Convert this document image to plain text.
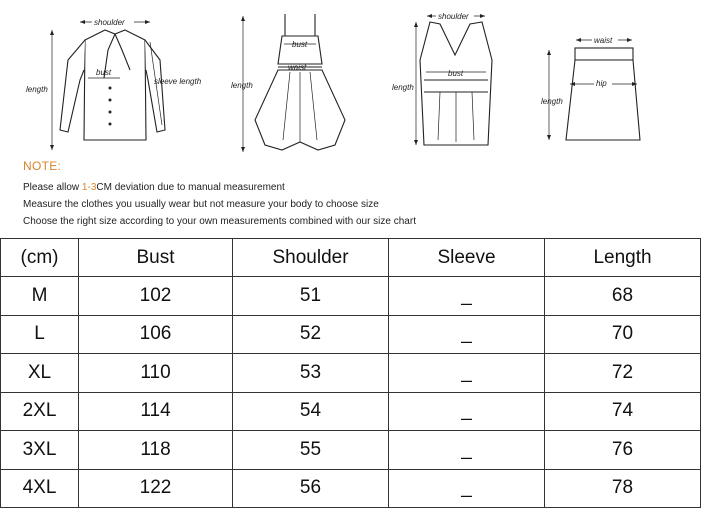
shoulder
length
bust
sleeve length	length
bust
waist
shoulder
length
bust
waist
length
hip
NOTE:
Please allow 1-3CM deviation due to manual measurement
Measure the clothes you usually wear but not measure your body to choose size
Choose the right size according to your own measurements combined with our size chart
(cm)	Bust	Shoulder	Sleeve	Length
M	102	51	_	68
L	106	52	_	70
XL	110	53	_	72
2XL	114	54	_	74
3XL	118	55	_	76
4XL	122	56	_	78
